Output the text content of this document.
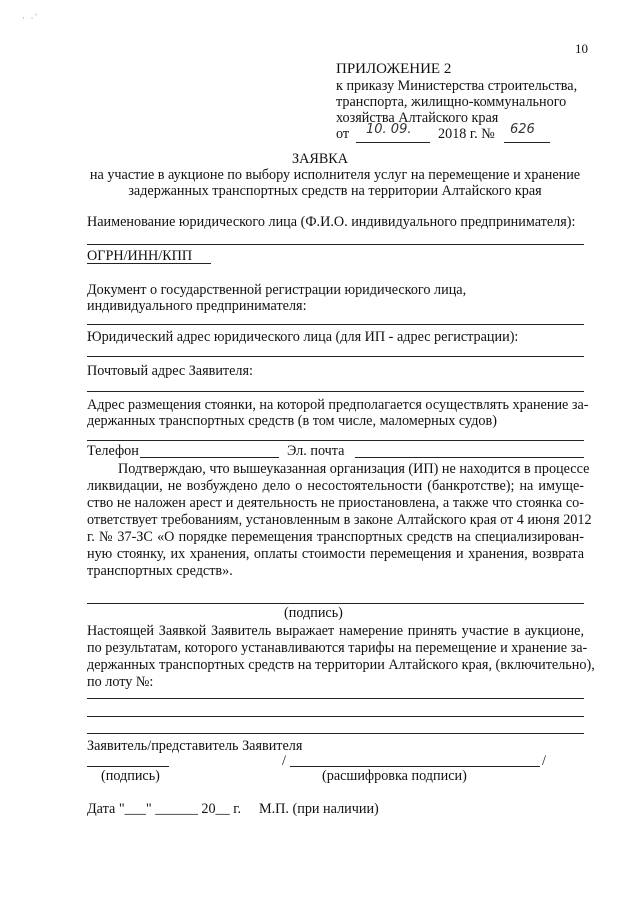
·  ·ˊ
10
ПРИЛОЖЕНИЕ 2
к приказу Министерства строительства,
транспорта, жилищно-коммунального
хозяйства Алтайского края
от 10. 09. 2018 г. № 626
ЗАЯВКА
на участие в аукционе по выбору исполнителя услуг на перемещение и хранение
задержанных транспортных средств на территории Алтайского края
Наименование юридического лица (Ф.И.О. индивидуального предпринимателя):
ОГРН/ИНН/КПП
Документ о государственной регистрации юридического лица,
индивидуального предпринимателя:
Юридический адрес юридического лица (для ИП - адрес регистрации):
Почтовый адрес Заявителя:
Адрес размещения стоянки, на которой предполагается осуществлять хранение за-
держанных транспортных средств (в том числе, маломерных судов)
Телефон	Эл. почта
Подтверждаю, что вышеуказанная организация (ИП) не находится в процессе
ликвидации, не возбуждено дело о несостоятельности (банкротстве); на имуще-
ство не наложен арест и деятельность не приостановлена, а также что стоянка со-
ответствует требованиям, установленным в законе Алтайского края от 4 июня 2012
г. № 37-ЗС «О порядке перемещения транспортных средств на специализирован-
ную стоянку, их хранения, оплаты стоимости перемещения и хранения, возврата
транспортных средств».
(подпись)
Настоящей Заявкой Заявитель выражает намерение принять участие в аукционе,
по результатам, которого устанавливаются тарифы на перемещение и хранение за-
держанных транспортных средств на территории Алтайского края, (включительно),
по лоту №:
Заявитель/представитель Заявителя
/	/
(подпись)	(расшифровка подписи)
Дата "___" ______ 20__ г. М.П. (при наличии)
